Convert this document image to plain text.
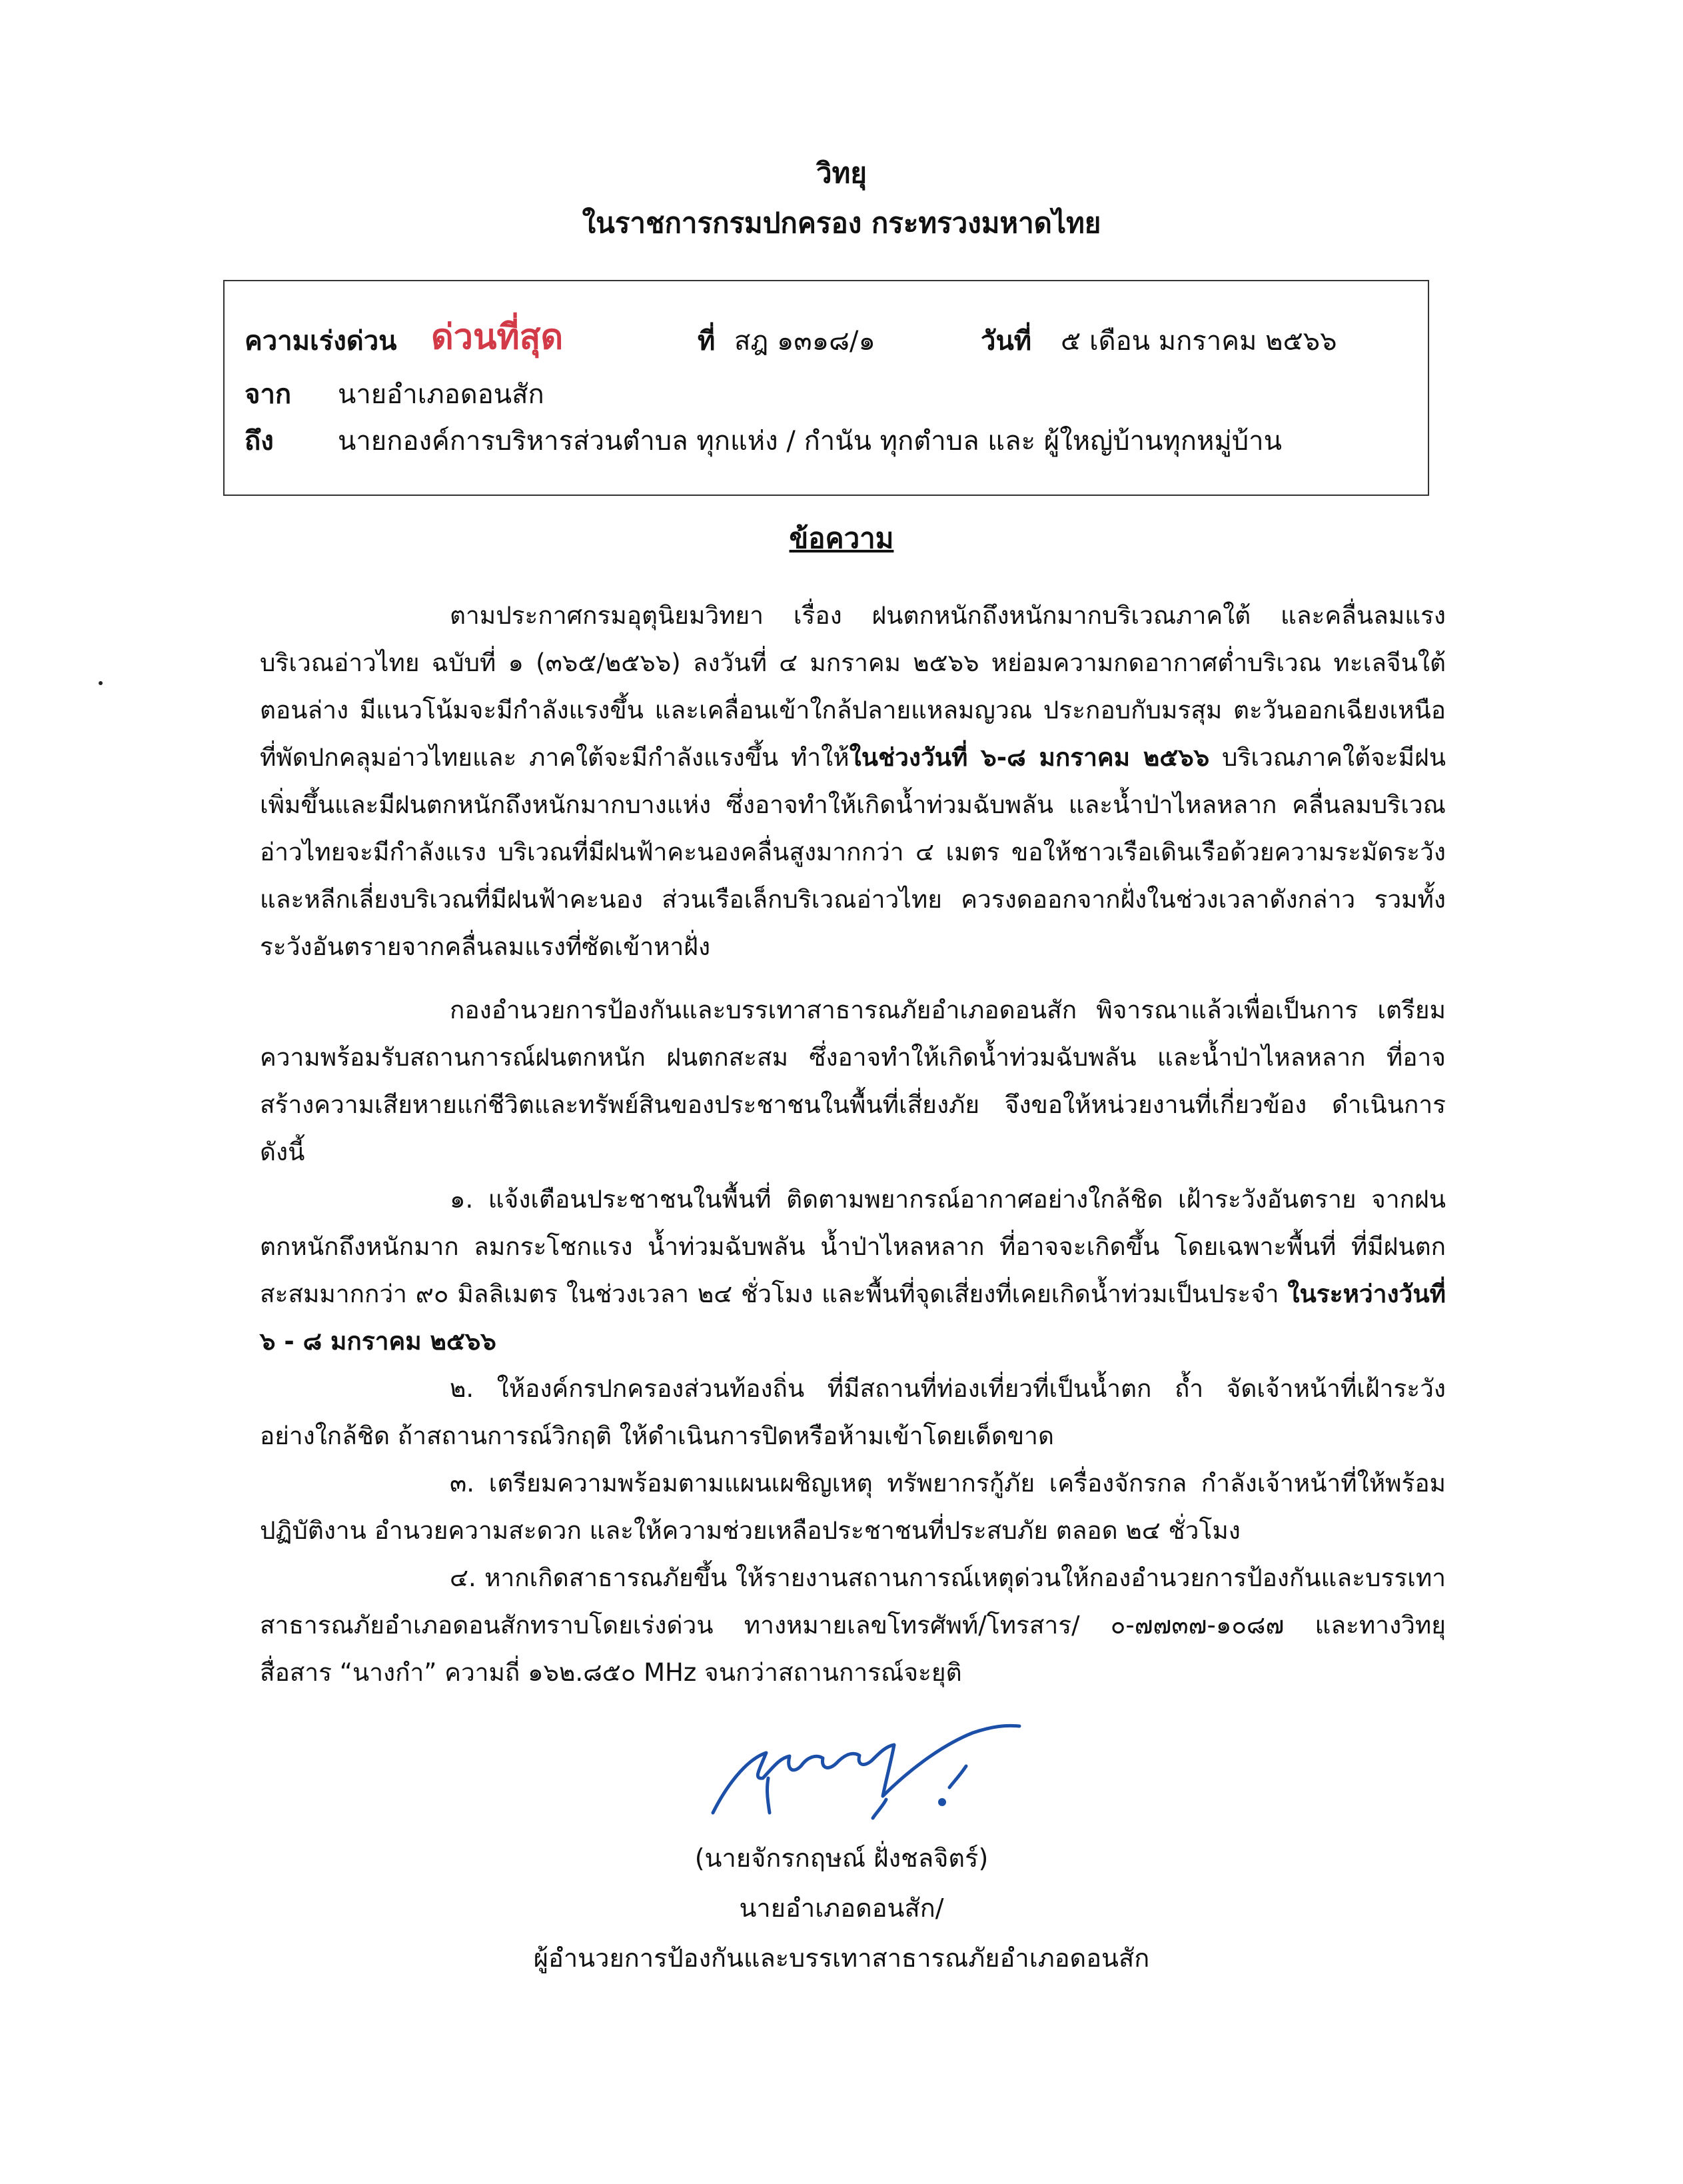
วิทยุ
ในราชการกรมปกครอง กระทรวงมหาดไทย
ความเร่งด่วน ด่วนที่สุด	ที่ สฎ ๑๓๑๘/๑	วันที่ ๕ เดือน มกราคม ๒๕๖๖
จาก นายอำเภอดอนสัก
ถึง นายกองค์การบริหารส่วนตำบล ทุกแห่ง / กำนัน ทุกตำบล และ ผู้ใหญ่บ้านทุกหมู่บ้าน
ข้อความ

ตามประกาศกรมอุตุนิยมวิทยา เรื่อง ฝนตกหนักถึงหนักมากบริเวณภาคใต้ และคลื่นลมแรง บริเวณอ่าวไทย ฉบับที่ ๑ (๓๖๕/๒๕๖๖) ลงวันที่ ๔ มกราคม ๒๕๖๖ หย่อมความกดอากาศต่ำบริเวณ ทะเลจีนใต้ตอนล่าง มีแนวโน้มจะมีกำลังแรงขึ้น และเคลื่อนเข้าใกล้ปลายแหลมญวณ ประกอบกับมรสุม ตะวันออกเฉียงเหนือที่พัดปกคลุมอ่าวไทยและ ภาคใต้จะมีกำลังแรงขึ้น ทำให้ในช่วงวันที่ ๖-๘ มกราคม ๒๕๖๖ บริเวณภาคใต้จะมีฝนเพิ่มขึ้นและมีฝนตกหนักถึงหนักมากบางแห่ง ซึ่งอาจทำให้เกิดน้ำท่วมฉับพลัน และน้ำป่าไหลหลาก คลื่นลมบริเวณอ่าวไทยจะมีกำลังแรง บริเวณที่มีฝนฟ้าคะนองคลื่นสูงมากกว่า ๔ เมตร ขอให้ชาวเรือเดินเรือด้วยความระมัดระวัง และหลีกเลี่ยงบริเวณที่มีฝนฟ้าคะนอง ส่วนเรือเล็กบริเวณอ่าวไทย ควรงดออกจากฝั่งในช่วงเวลาดังกล่าว รวมทั้งระวังอันตรายจากคลื่นลมแรงที่ซัดเข้าหาฝั่ง

กองอำนวยการป้องกันและบรรเทาสาธารณภัยอำเภอดอนสัก พิจารณาแล้วเพื่อเป็นการ เตรียมความพร้อมรับสถานการณ์ฝนตกหนัก ฝนตกสะสม ซึ่งอาจทำให้เกิดน้ำท่วมฉับพลัน และน้ำป่าไหลหลาก ที่อาจสร้างความเสียหายแก่ชีวิตและทรัพย์สินของประชาชนในพื้นที่เสี่ยงภัย จึงขอให้หน่วยงานที่เกี่ยวข้อง ดำเนินการดังนี้

๑. แจ้งเตือนประชาชนในพื้นที่ ติดตามพยากรณ์อากาศอย่างใกล้ชิด เฝ้าระวังอันตราย จากฝนตกหนักถึงหนักมาก ลมกระโชกแรง น้ำท่วมฉับพลัน น้ำป่าไหลหลาก ที่อาจจะเกิดขึ้น โดยเฉพาะพื้นที่ ที่มีฝนตกสะสมมากกว่า ๙๐ มิลลิเมตร ในช่วงเวลา ๒๔ ชั่วโมง และพื้นที่จุดเสี่ยงที่เคยเกิดน้ำท่วมเป็นประจำ ในระหว่างวันที่ ๖ - ๘ มกราคม ๒๕๖๖

๒. ให้องค์กรปกครองส่วนท้องถิ่น ที่มีสถานที่ท่องเที่ยวที่เป็นน้ำตก ถ้ำ จัดเจ้าหน้าที่เฝ้าระวัง อย่างใกล้ชิด ถ้าสถานการณ์วิกฤติ ให้ดำเนินการปิดหรือห้ามเข้าโดยเด็ดขาด

๓. เตรียมความพร้อมตามแผนเผชิญเหตุ ทรัพยากรกู้ภัย เครื่องจักรกล กำลังเจ้าหน้าที่ให้พร้อม ปฏิบัติงาน อำนวยความสะดวก และให้ความช่วยเหลือประชาชนที่ประสบภัย ตลอด ๒๔ ชั่วโมง

๔. หากเกิดสาธารณภัยขึ้น ให้รายงานสถานการณ์เหตุด่วนให้กองอำนวยการป้องกันและบรรเทา สาธารณภัยอำเภอดอนสักทราบโดยเร่งด่วน ทางหมายเลขโทรศัพท์/โทรสาร/ ๐-๗๗๓๗-๑๐๘๗ และทางวิทยุ สื่อสาร “นางกำ” ความถี่ ๑๖๒.๘๕๐ MHz จนกว่าสถานการณ์จะยุติ

(นายจักรกฤษณ์ ฝั่งชลจิตร์)
นายอำเภอดอนสัก/
ผู้อำนวยการป้องกันและบรรเทาสาธารณภัยอำเภอดอนสัก
